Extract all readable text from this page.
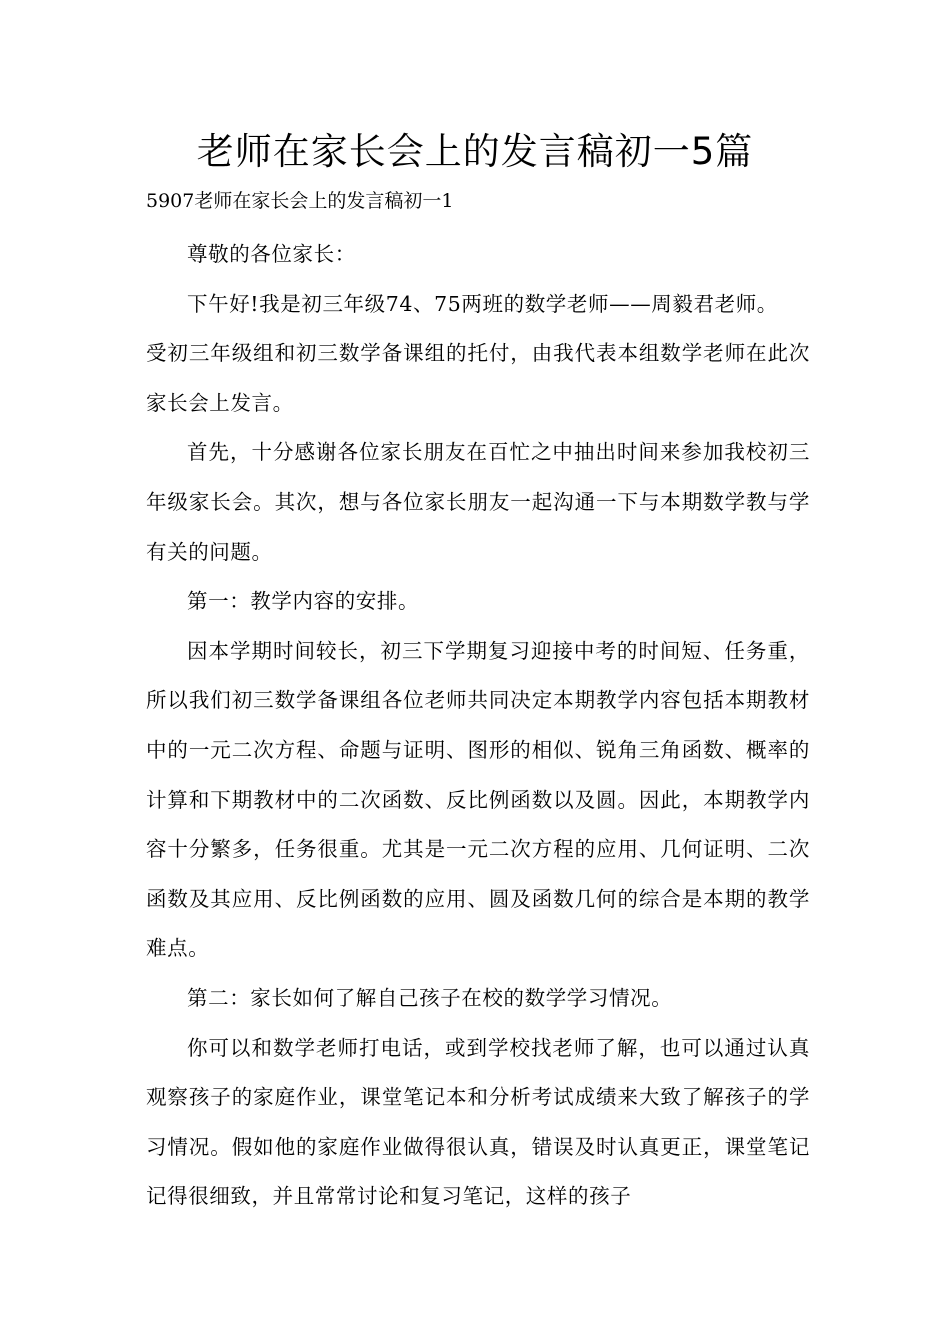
老师在家长会上的发言稿初一5篇
5907老师在家长会上的发言稿初一1

尊敬的各位家长：

下午好!我是初三年级74、75两班的数学老师——周毅君老师。

受初三年级组和初三数学备课组的托付，由我代表本组数学老师在此次家长会上发言。

首先，十分感谢各位家长朋友在百忙之中抽出时间来参加我校初三年级家长会。其次，想与各位家长朋友一起沟通一下与本期数学教与学有关的问题。

第一：教学内容的安排。

因本学期时间较长，初三下学期复习迎接中考的时间短、任务重，所以我们初三数学备课组各位老师共同决定本期教学内容包括本期教材中的一元二次方程、命题与证明、图形的相似、锐角三角函数、概率的计算和下期教材中的二次函数、反比例函数以及圆。因此，本期教学内容十分繁多，任务很重。尤其是一元二次方程的应用、几何证明、二次函数及其应用、反比例函数的应用、圆及函数几何的综合是本期的教学难点。

第二：家长如何了解自己孩子在校的数学学习情况。

你可以和数学老师打电话，或到学校找老师了解，也可以通过认真观察孩子的家庭作业，课堂笔记本和分析考试成绩来大致了解孩子的学习情况。假如他的家庭作业做得很认真，错误及时认真更正，课堂笔记记得很细致，并且常常讨论和复习笔记，这样的孩子
